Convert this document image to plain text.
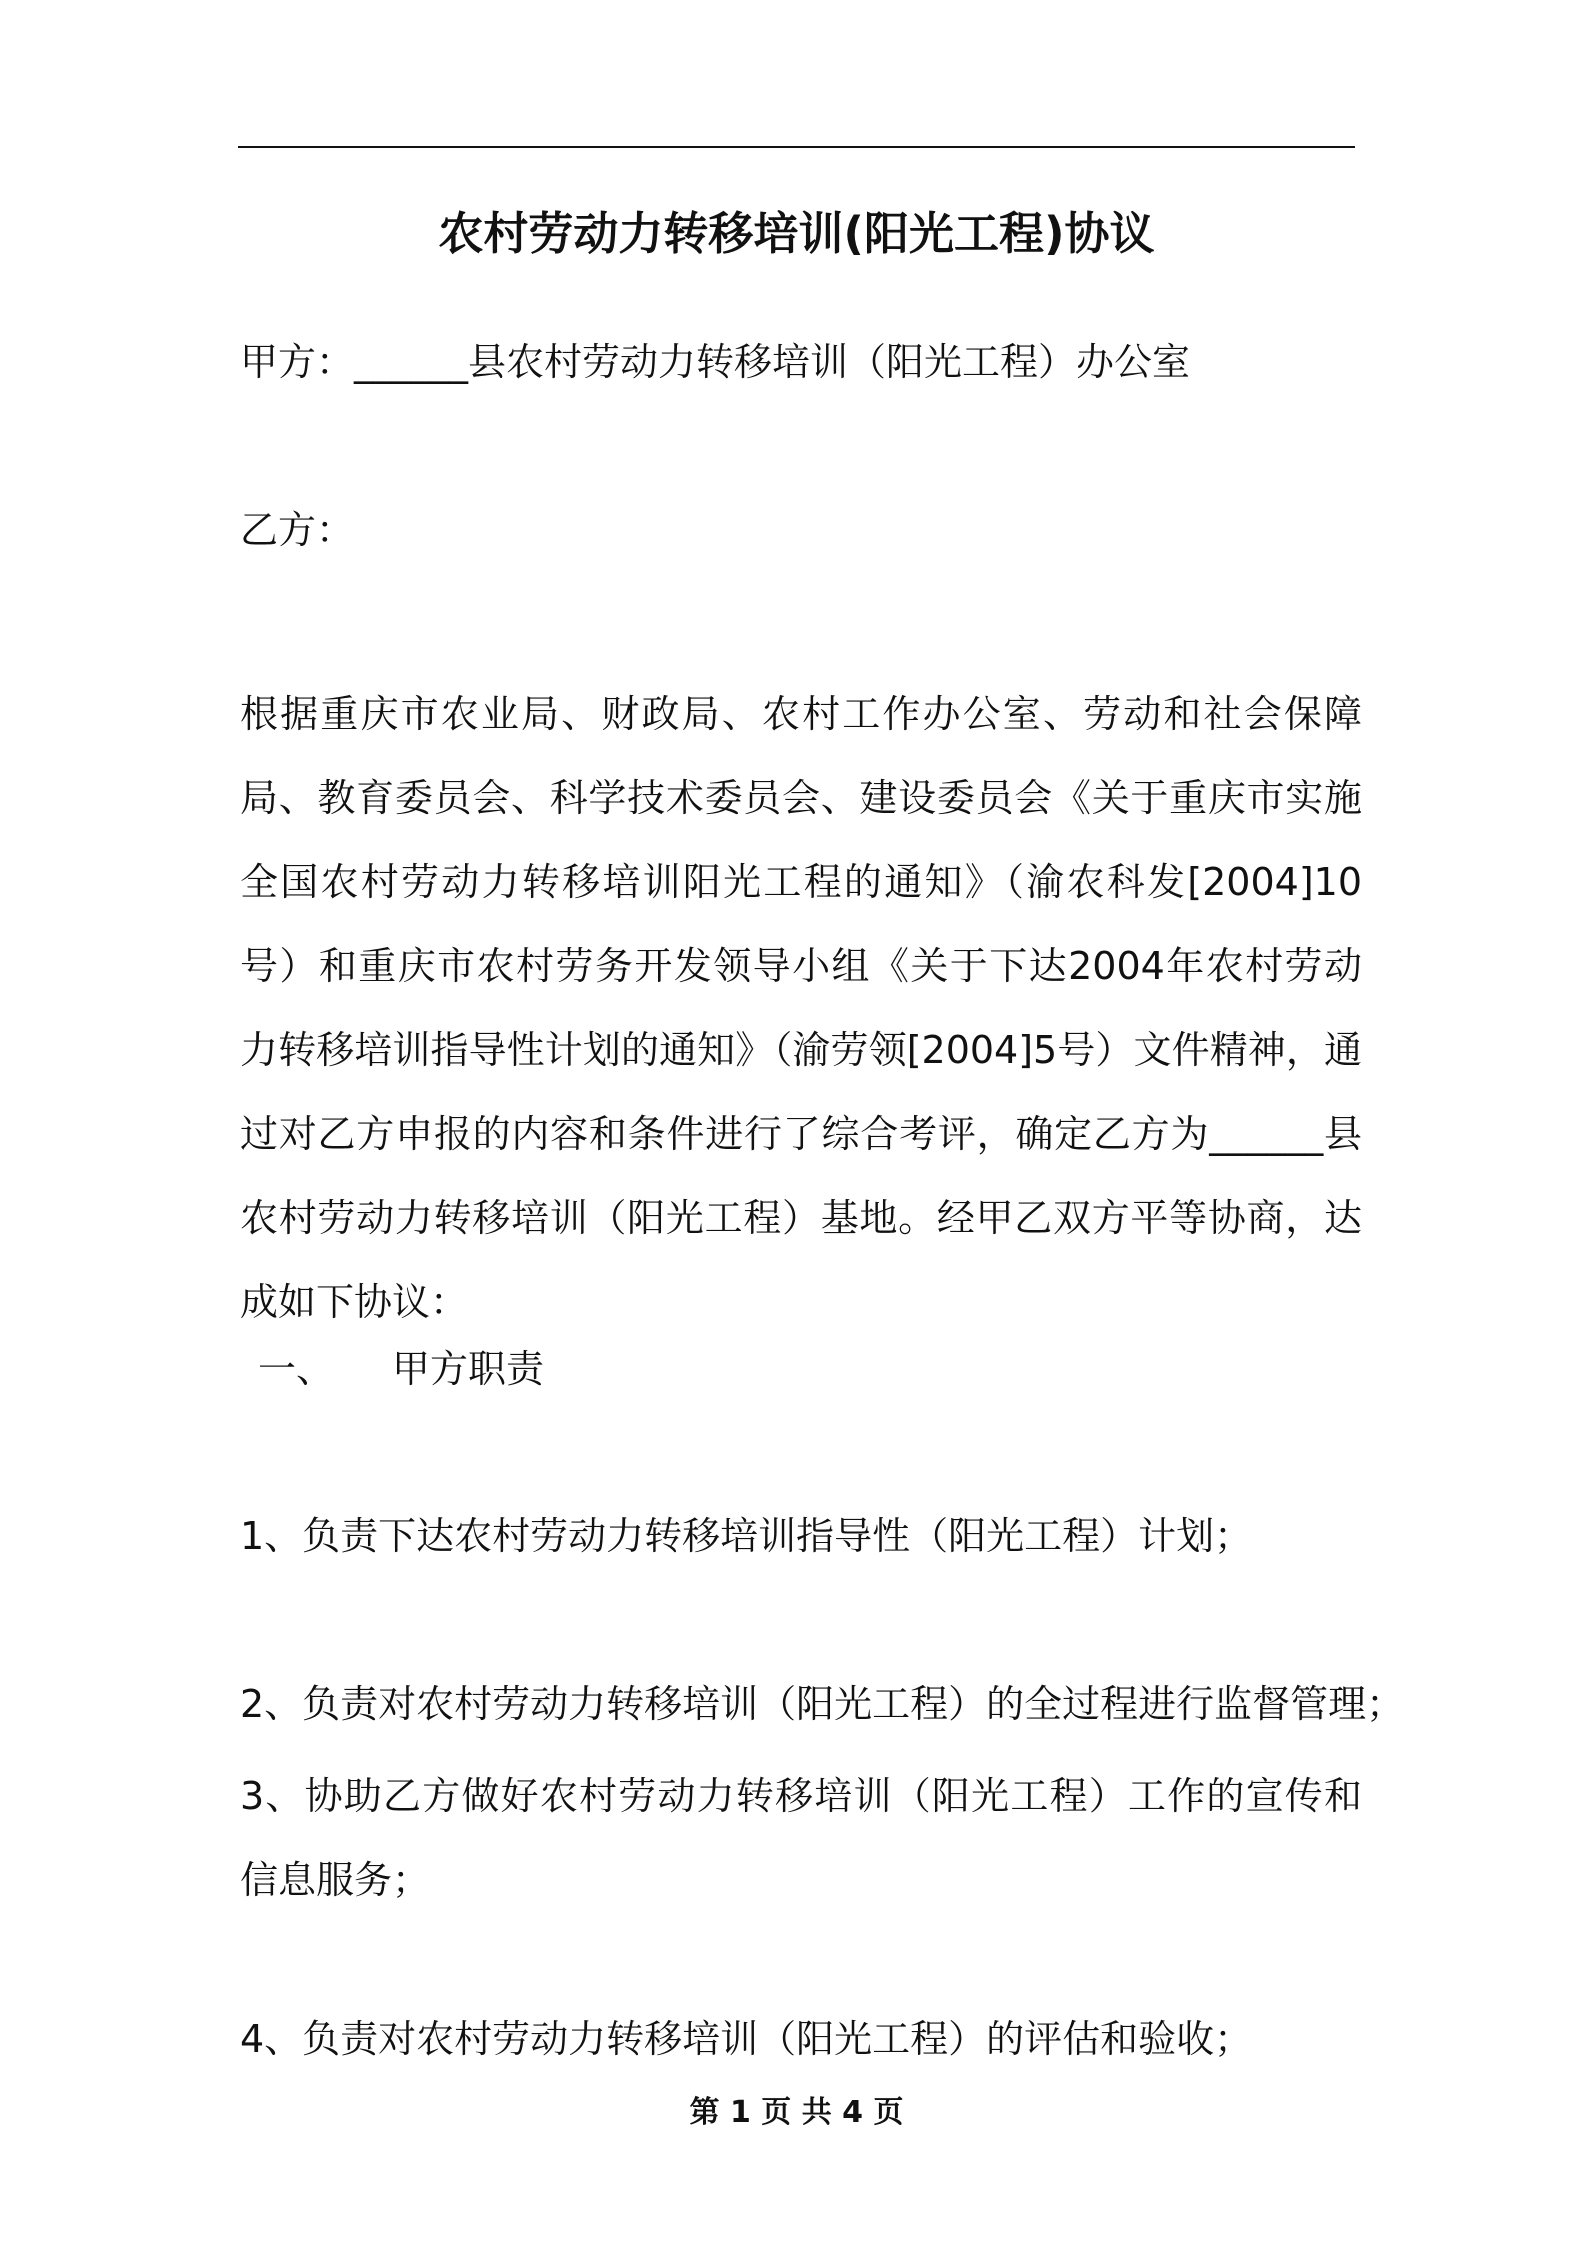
农村劳动力转移培训(阳光工程)协议
甲方：______县农村劳动力转移培训（阳光工程）办公室
乙方：

根据重庆市农业局、财政局、农村工作办公室、劳动和社会保障局、教育委员会、科学技术委员会、建设委员会《关于重庆市实施全国农村劳动力转移培训阳光工程的通知》（渝农科发[2004]10号）和重庆市农村劳务开发领导小组《关于下达2004年农村劳动力转移培训指导性计划的通知》（渝劳领[2004]5号）文件精神，通过对乙方申报的内容和条件进行了综合考评，确定乙方为______县农村劳动力转移培训（阳光工程）基地。经甲乙双方平等协商，达成如下协议：

一、 甲方职责
1、负责下达农村劳动力转移培训指导性（阳光工程）计划；
2、负责对农村劳动力转移培训（阳光工程）的全过程进行监督管理；

3、协助乙方做好农村劳动力转移培训（阳光工程）工作的宣传和信息服务；

4、负责对农村劳动力转移培训（阳光工程）的评估和验收；
第 1 页 共 4 页
